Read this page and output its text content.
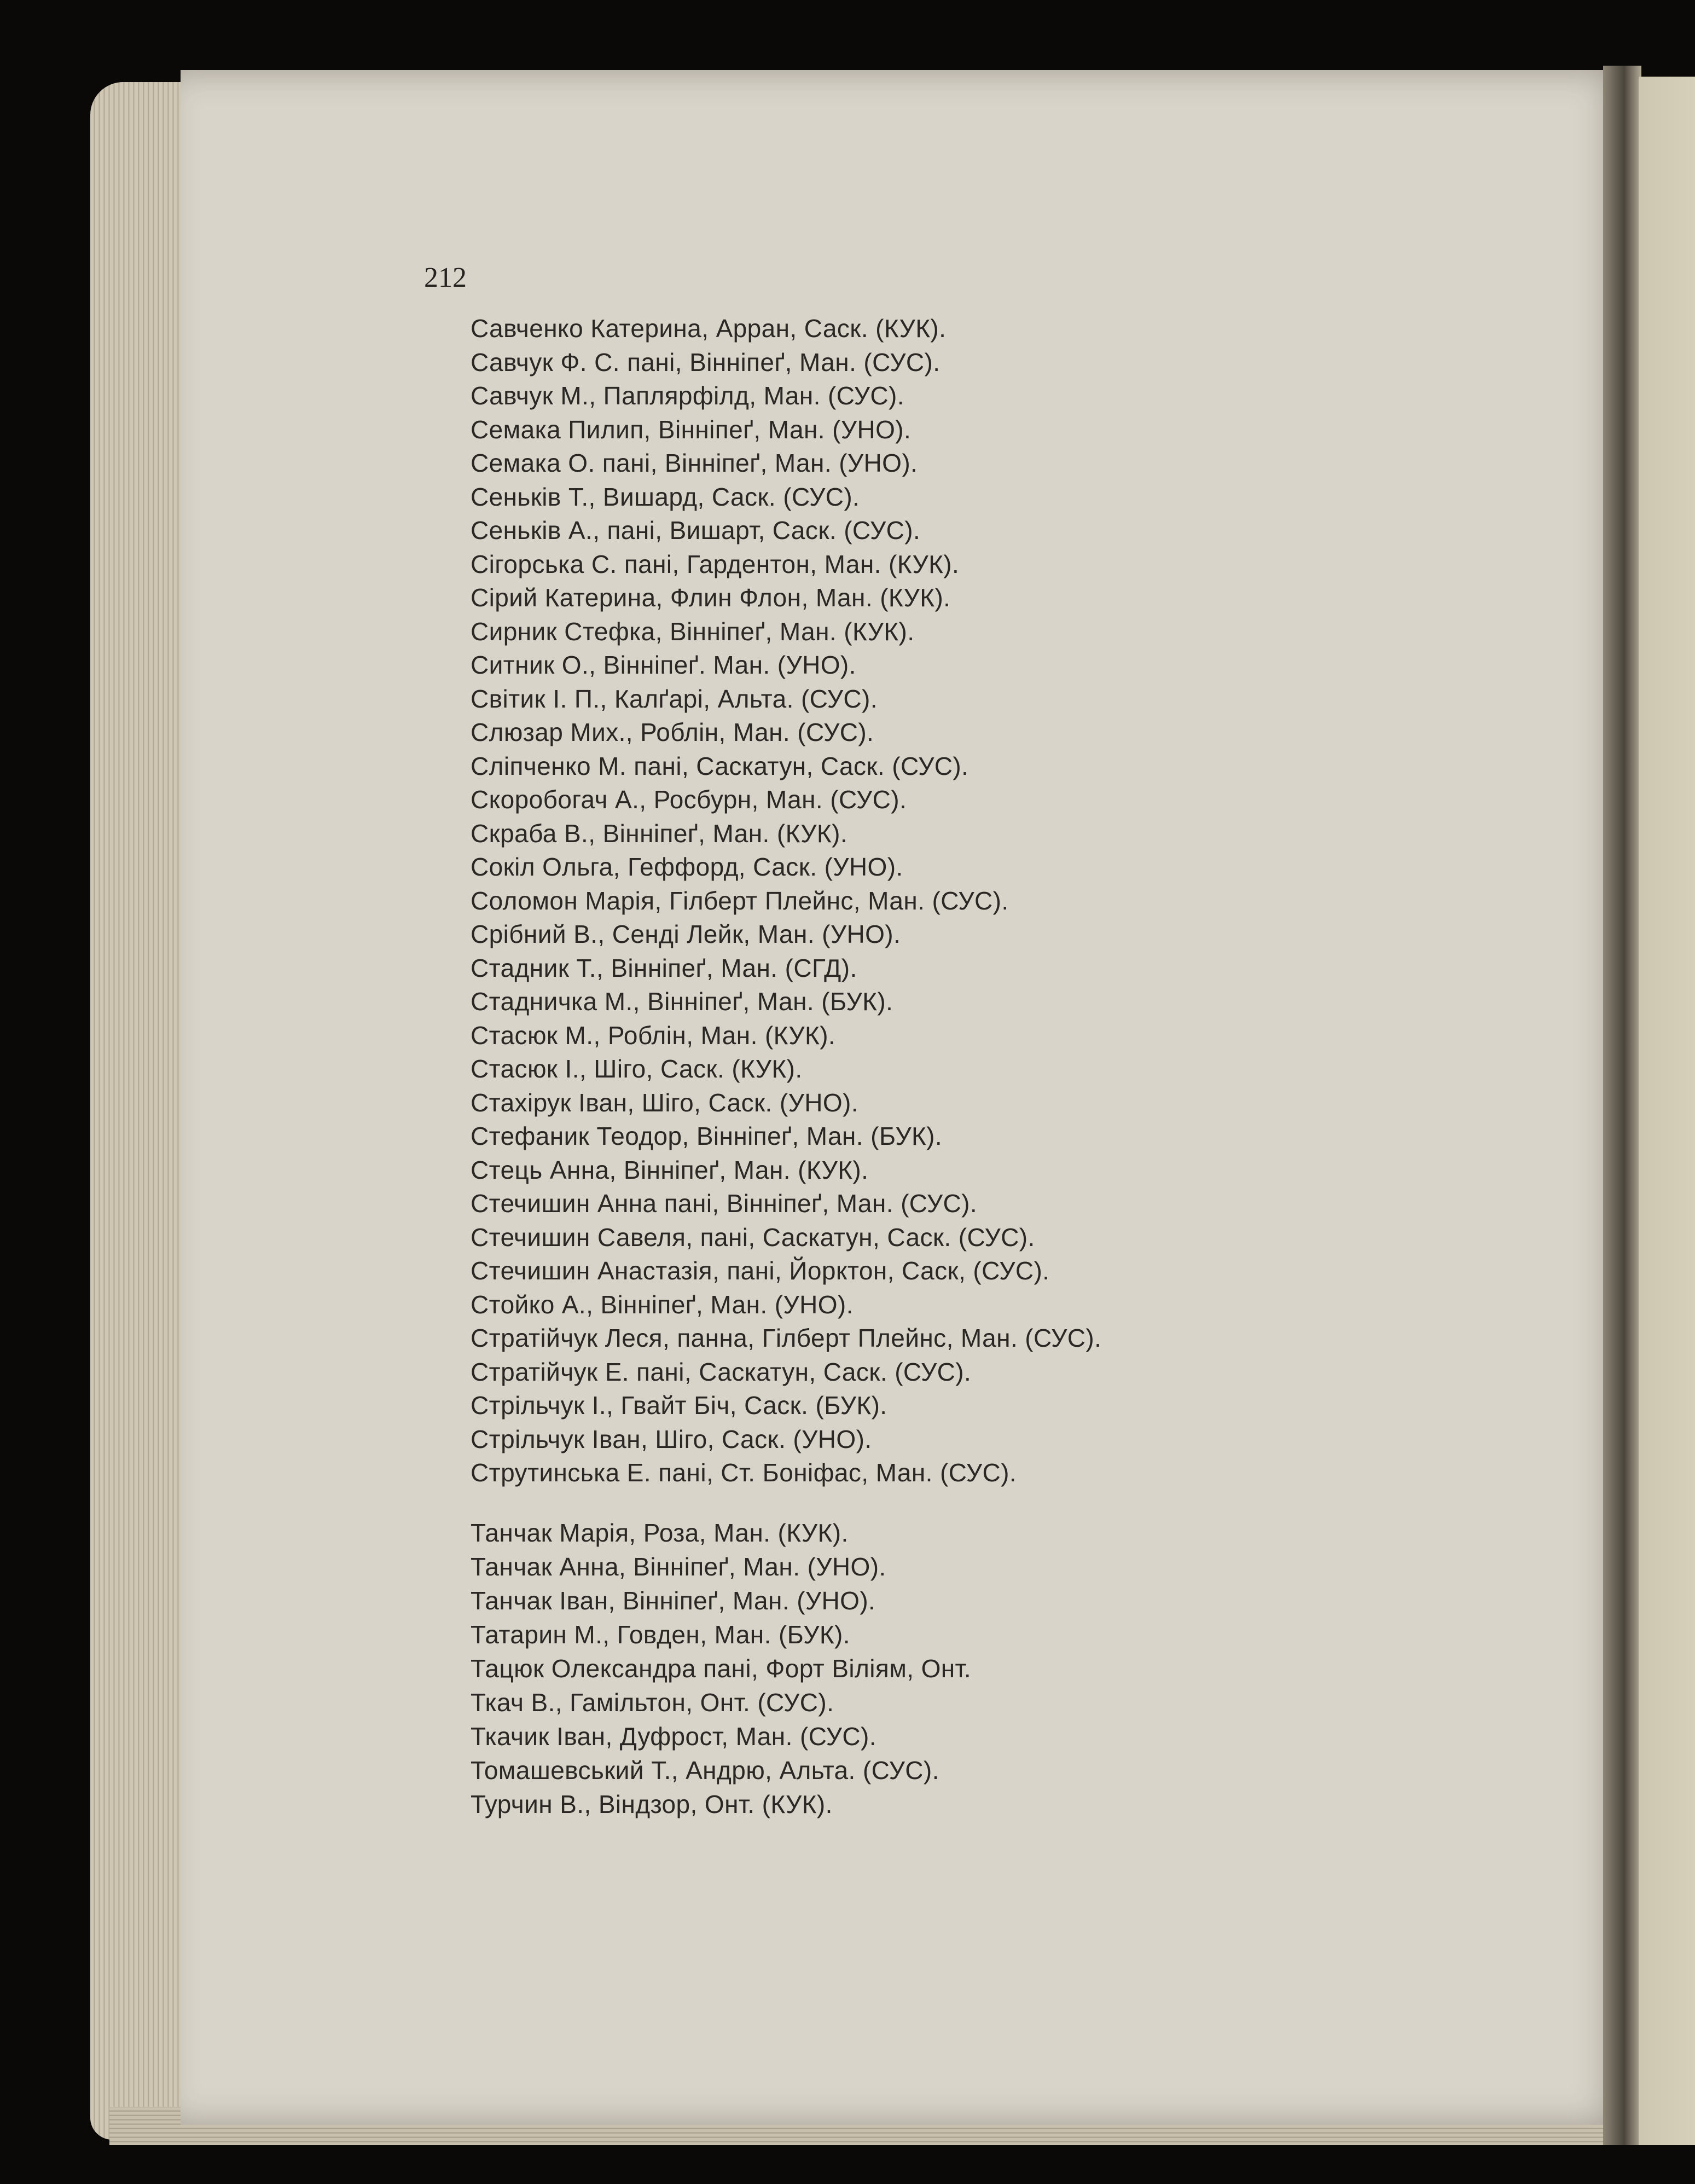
212

Савченко Катерина, Арран, Саск. (КУК).
Савчук Ф. С. пані, Вінніпеґ, Ман. (СУС).
Савчук М., Паплярфілд, Ман. (СУС).
Семака Пилип, Вінніпеґ, Ман. (УНО).
Семака О. пані, Вінніпеґ, Ман. (УНО).
Сеньків Т., Вишард, Саск. (СУС).
Сеньків А., пані, Вишарт, Саск. (СУС).
Сігорська С. пані, Гардентон, Ман. (КУК).
Сірий Катерина, Флин Флон, Ман. (КУК).
Сирник Стефка, Вінніпеґ, Ман. (КУК).
Ситник О., Вінніпеґ. Ман. (УНО).
Світик І. П., Калґарі, Альта. (СУС).
Слюзар Мих., Роблін, Ман. (СУС).
Сліпченко М. пані, Саскатун, Саск. (СУС).
Скоробогач А., Росбурн, Ман. (СУС).
Скраба В., Вінніпеґ, Ман. (КУК).
Сокіл Ольга, Геффорд, Саск. (УНО).
Соломон Марія, Гілберт Плейнс, Ман. (СУС).
Срібний В., Сенді Лейк, Ман. (УНО).
Стадник Т., Вінніпеґ, Ман. (СГД).
Стадничка М., Вінніпеґ, Ман. (БУК).
Стасюк М., Роблін, Ман. (КУК).
Стасюк І., Шіго, Саск. (КУК).
Стахірук Іван, Шіго, Саск. (УНО).
Стефаник Теодор, Вінніпеґ, Ман. (БУК).
Стець Анна, Вінніпеґ, Ман. (КУК).
Стечишин Анна пані, Вінніпеґ, Ман. (СУС).
Стечишин Савеля, пані, Саскатун, Саск. (СУС).
Стечишин Анастазія, пані, Йорктон, Саск, (СУС).
Стойко А., Вінніпеґ, Ман. (УНО).
Стратійчук Леся, панна, Гілберт Плейнс, Ман. (СУС).
Стратійчук Е. пані, Саскатун, Саск. (СУС).
Стрільчук І., Гвайт Біч, Саск. (БУК).
Стрільчук Іван, Шіго, Саск. (УНО).
Струтинська Е. пані, Ст. Боніфас, Ман. (СУС).
Танчак Марія, Роза, Ман. (КУК).
Танчак Анна, Вінніпеґ, Ман. (УНО).
Танчак Іван, Вінніпеґ, Ман. (УНО).
Татарин М., Говден, Ман. (БУК).
Тацюк Олександра пані, Форт Віліям, Онт.
Ткач В., Гамільтон, Онт. (СУС).
Ткачик Іван, Дуфрост, Ман. (СУС).
Томашевський Т., Андрю, Альта. (СУС).
Турчин В., Віндзор, Онт. (КУК).
